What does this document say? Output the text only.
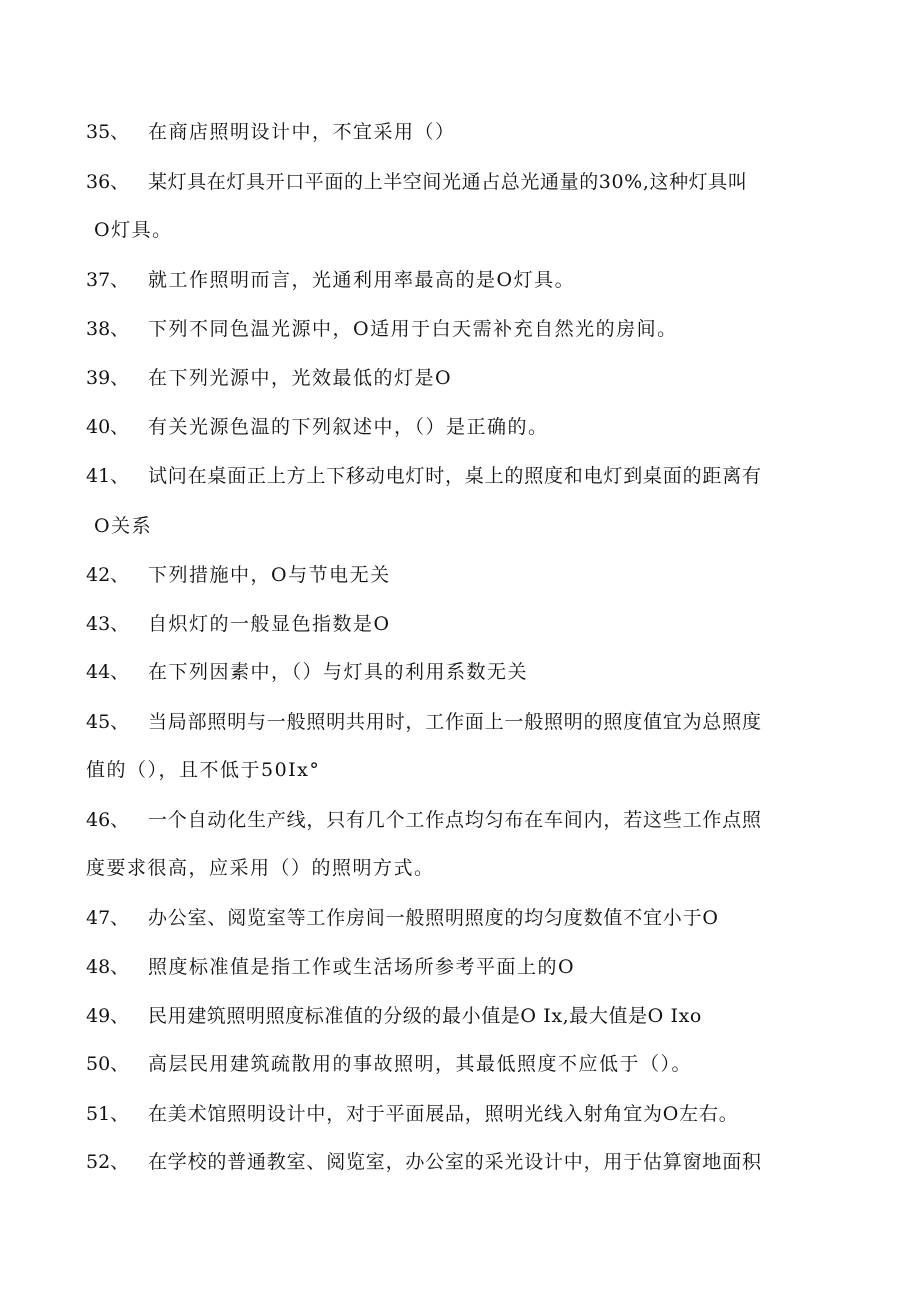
35、 在商店照明设计中，不宜采用（）
36、 某灯具在灯具开口平面的上半空间光通占总光通量的30%,这种灯具叫
O灯具。
37、 就工作照明而言，光通利用率最高的是O灯具。
38、 下列不同色温光源中，O适用于白天需补充自然光的房间。
39、 在下列光源中，光效最低的灯是O
40、 有关光源色温的下列叙述中，（）是正确的。
41、 试问在桌面正上方上下移动电灯时，桌上的照度和电灯到桌面的距离有
O关系
42、 下列措施中，O与节电无关
43、 自炽灯的一般显色指数是O
44、 在下列因素中，（）与灯具的利用系数无关
45、 当局部照明与一般照明共用时，工作面上一般照明的照度值宜为总照度
值的（），且不低于50Ix°
46、 一个自动化生产线，只有几个工作点均匀布在车间内，若这些工作点照
度要求很高，应采用（）的照明方式。
47、 办公室、阅览室等工作房间一般照明照度的均匀度数值不宜小于O
48、 照度标准值是指工作或生活场所参考平面上的O
49、 民用建筑照明照度标准值的分级的最小值是O Ix,最大值是O Ixo
50、 高层民用建筑疏散用的事故照明，其最低照度不应低于（）。
51、 在美术馆照明设计中，对于平面展品，照明光线入射角宜为O左右。
52、 在学校的普通教室、阅览室，办公室的采光设计中，用于估算窗地面积
